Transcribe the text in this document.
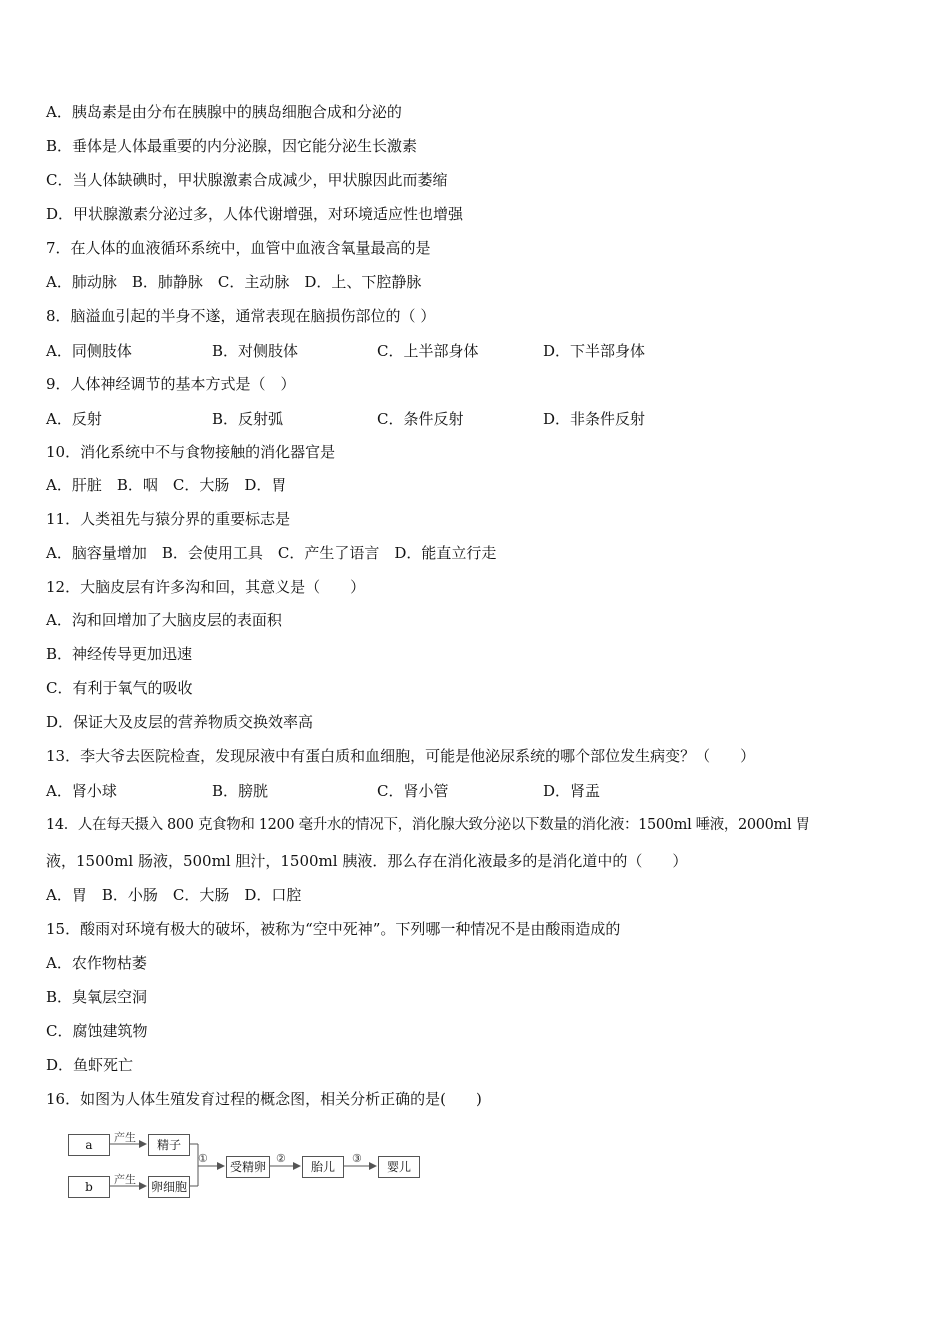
A．胰岛素是由分布在胰腺中的胰岛细胞合成和分泌的
B．垂体是人体最重要的内分泌腺，因它能分泌生长激素
C．当人体缺碘时，甲状腺激素合成减少，甲状腺因此而萎缩
D．甲状腺激素分泌过多，人体代谢增强，对环境适应性也增强
7．在人体的血液循环系统中，血管中血液含氧量最高的是
A．肺动脉　B．肺静脉　C．主动脉　D．上、下腔静脉
8．脑溢血引起的半身不遂，通常表现在脑损伤部位的（ ）
A．同侧肢体	B．对侧肢体	C．上半部身体	D．下半部身体
9．人体神经调节的基本方式是（　）
A．反射	B．反射弧	C．条件反射	D．非条件反射
10．消化系统中不与食物接触的消化器官是
A．肝脏　B．咽　C．大肠　D．胃
11．人类祖先与猿分界的重要标志是
A．脑容量增加　B．会使用工具　C．产生了语言　D．能直立行走
12．大脑皮层有许多沟和回，其意义是（　　）
A．沟和回增加了大脑皮层的表面积
B．神经传导更加迅速
C．有利于氧气的吸收
D．保证大及皮层的营养物质交换效率高
13．李大爷去医院检查，发现尿液中有蛋白质和血细胞，可能是他泌尿系统的哪个部位发生病变？（　　）
A．肾小球	B．膀胱	C．肾小管	D．肾盂
14．人在每天摄入 800 克食物和 1200 毫升水的情况下，消化腺大致分泌以下数量的消化液：1500ml 唾液，2000ml 胃
液，1500ml 肠液，500ml 胆汁，1500ml 胰液．那么存在消化液最多的是消化道中的（　　）
A．胃　B．小肠　C．大肠　D．口腔
15．酸雨对环境有极大的破坏，被称为“空中死神”。下列哪一种情况不是由酸雨造成的
A．农作物枯萎
B．臭氧层空洞
C．腐蚀建筑物
D．鱼虾死亡
16．如图为人体生殖发育过程的概念图，相关分析正确的是(　　)
a
b
产生
产生
精子
卵细胞
①
受精卵
②
胎儿
③
婴儿
